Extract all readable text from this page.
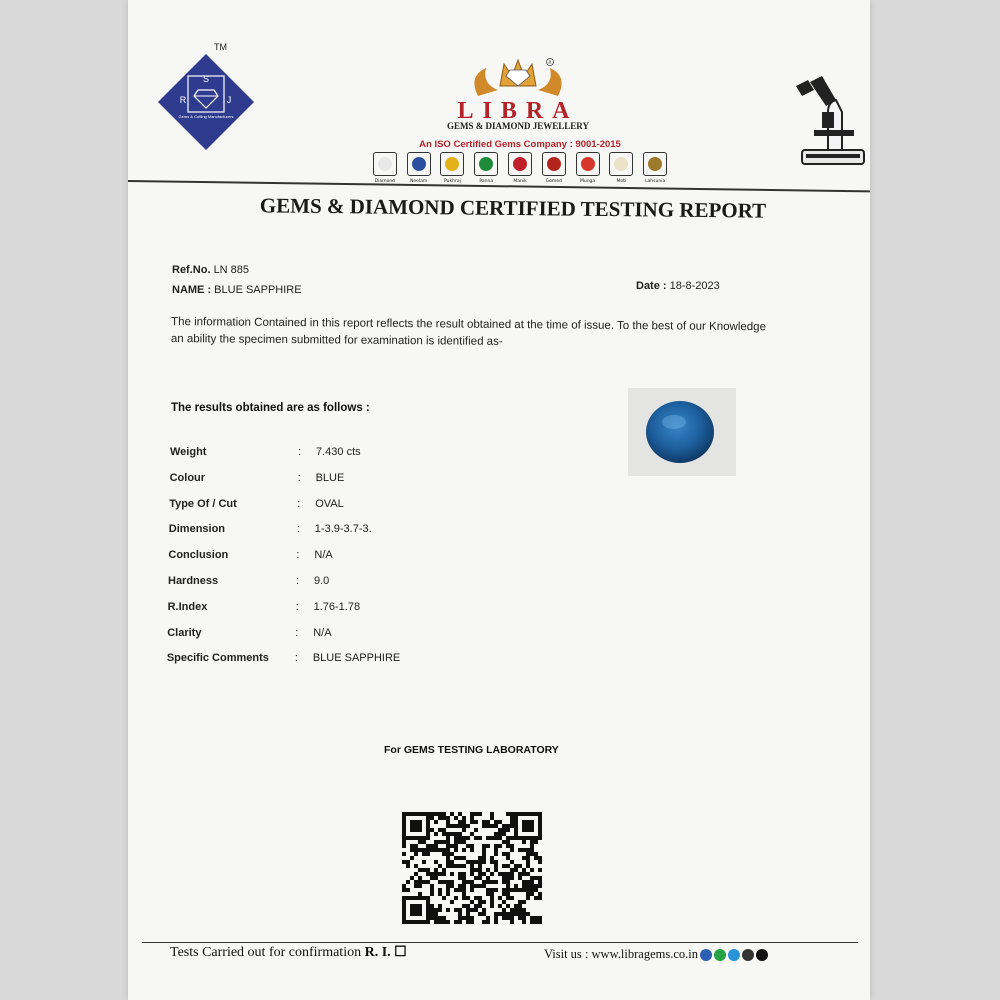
S
R	J
Gems & Cutting Manufacturers
TM
R
LIBRA
GEMS & DIAMOND JEWELLERY
An ISO Certified Gems Company : 9001-2015
Diamond	Neelam	Pukhraj	Panna	Manik	Gomed	Munga	Moti	Lahsunia
GEMS & DIAMOND CERTIFIED TESTING REPORT
Ref.No. LN 885
NAME : BLUE SAPPHIRE	Date : 18-8-2023
The information Contained in this report reflects the result obtained at the time of issue. To the best of our Knowledge an ability the specimen submitted for examination is identified as-
The results obtained are as follows :
Weight	:	7.430 cts
Colour	:	BLUE
Type Of / Cut	:	OVAL
Dimension	:	1-3.9-3.7-3.
Conclusion	:	N/A
Hardness	:	9.0
R.Index	:	1.76-1.78
Clarity	:	N/A
Specific Comments	:	BLUE SAPPHIRE
For GEMS TESTING LABORATORY
Tests Carried out for confirmation R. I. ☐	Visit us : www.libragems.co.in
